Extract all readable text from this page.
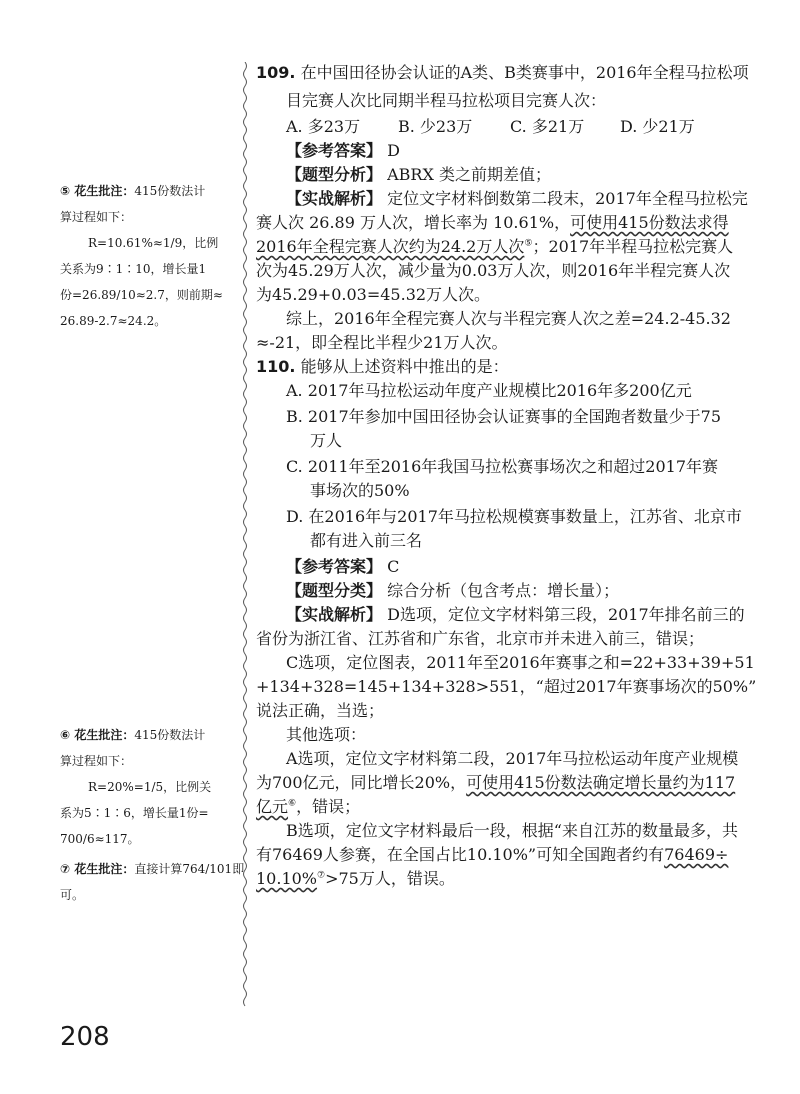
109. 在中国田径协会认证的A类、B类赛事中，2016年全程马拉松项
目完赛人次比同期半程马拉松项目完赛人次：
A. 多23万 B. 少23万 C. 多21万 D. 少21万
【参考答案】 D
【题型分析】 ABRX 类之前期差值；
【实战解析】 定位文字材料倒数第二段末，2017年全程马拉松完
赛人次 26.89 万人次，增长率为 10.61%，可使用415份数法求得
2016年全程完赛人次约为24.2万人次⑤；2017年半程马拉松完赛人
次为45.29万人次，减少量为0.03万人次，则2016年半程完赛人次
为45.29+0.03=45.32万人次。
综上，2016年全程完赛人次与半程完赛人次之差=24.2-45.32
≈-21，即全程比半程少21万人次。
110. 能够从上述资料中推出的是：
A. 2017年马拉松运动年度产业规模比2016年多200亿元
B. 2017年参加中国田径协会认证赛事的全国跑者数量少于75
万人
C. 2011年至2016年我国马拉松赛事场次之和超过2017年赛
事场次的50%
D. 在2016年与2017年马拉松规模赛事数量上，江苏省、北京市
都有进入前三名
【参考答案】 C
【题型分类】 综合分析（包含考点：增长量）；
【实战解析】 D选项，定位文字材料第三段，2017年排名前三的
省份为浙江省、江苏省和广东省，北京市并未进入前三，错误；
C选项，定位图表，2011年至2016年赛事之和=22+33+39+51
+134+328=145+134+328>551，“超过2017年赛事场次的50%”
说法正确，当选；
其他选项：
A选项，定位文字材料第二段，2017年马拉松运动年度产业规模
为700亿元，同比增长20%，可使用415份数法确定增长量约为117
亿元⑥，错误；
B选项，定位文字材料最后一段，根据“来自江苏的数量最多，共
有76469人参赛，在全国占比10.10%”可知全国跑者约有76469÷
10.10%⑦>75万人，错误。
⑤ 花生批注：415份数法计
算过程如下：
R=10.61%≈1/9，比例
关系为9∶1∶10，增长量1
份=26.89/10≈2.7，则前期≈
26.89-2.7≈24.2。
⑥ 花生批注：415份数法计
算过程如下：
R=20%=1/5，比例关
系为5∶1∶6，增长量1份=
700/6≈117。
⑦ 花生批注：直接计算764/101即
可。
208
